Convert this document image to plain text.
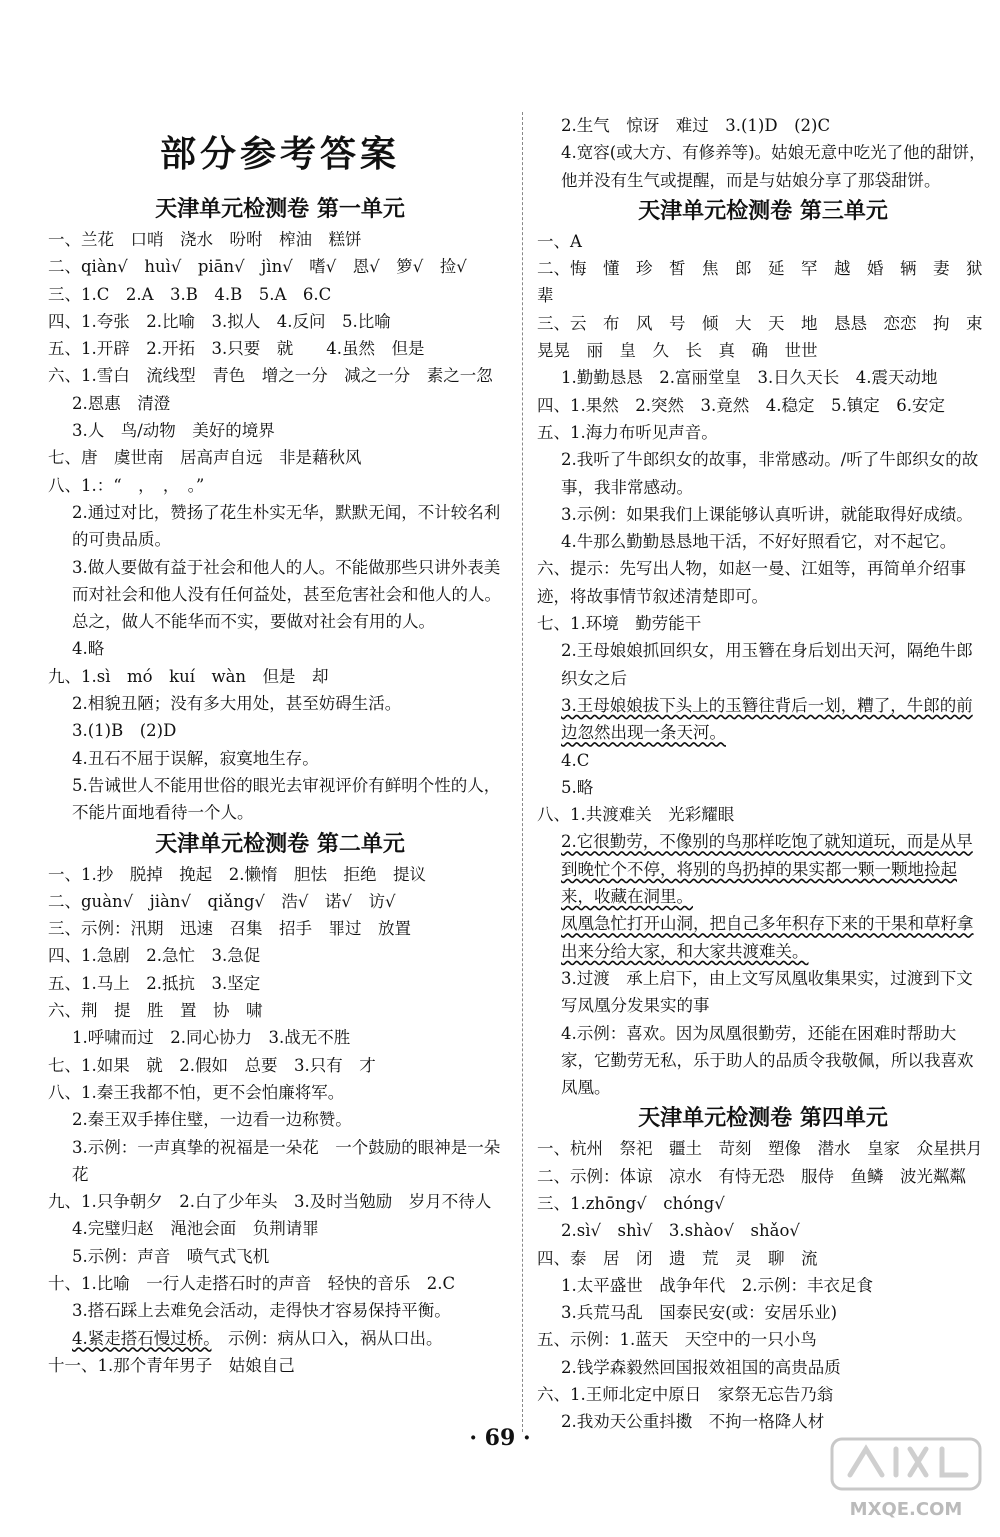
部分参考答案
天津单元检测卷 第一单元
一、兰花　口哨　浇水　吩咐　榨油　糕饼
二、qiàn√　huì√　piān√　jìn√　嗜√　恩√　箩√　捡√
三、1.C　2.A　3.B　4.B　5.A　6.C
四、1.夸张　2.比喻　3.拟人　4.反问　5.比喻
五、1.开辟　2.开拓　3.只要　就　　4.虽然　但是
六、1.雪白　流线型　青色　增之一分　减之一分　素之一忽
2.恩惠　清澄
3.人　鸟/动物　美好的境界
七、唐　虞世南　居高声自远　非是藉秋风
八、1.：“　，　，　。”
2.通过对比，赞扬了花生朴实无华，默默无闻，不计较名利的可贵品质。
3.做人要做有益于社会和他人的人。不能做那些只讲外表美而对社会和他人没有任何益处，甚至危害社会和他人的人。总之，做人不能华而不实，要做对社会有用的人。
4.略
九、1.sì　mó　kuí　wàn　但是　却
2.相貌丑陋；没有多大用处，甚至妨碍生活。
3.(1)B　(2)D
4.丑石不屈于误解，寂寞地生存。
5.告诫世人不能用世俗的眼光去审视评价有鲜明个性的人，不能片面地看待一个人。
天津单元检测卷 第二单元
一、1.抄　脱掉　挽起　2.懒惰　胆怯　拒绝　提议
二、guàn√　jiàn√　qiǎng√　浩√　诺√　访√
三、示例：汛期　迅速　召集　招手　罪过　放置
四、1.急剧　2.急忙　3.急促
五、1.马上　2.抵抗　3.坚定
六、荆　提　胜　置　协　啸
1.呼啸而过　2.同心协力　3.战无不胜
七、1.如果　就　2.假如　总要　3.只有　才
八、1.秦王我都不怕，更不会怕廉将军。
2.秦王双手捧住璧，一边看一边称赞。
3.示例：一声真挚的祝福是一朵花　一个鼓励的眼神是一朵花
九、1.只争朝夕　2.白了少年头　3.及时当勉励　岁月不待人
4.完璧归赵　渑池会面　负荆请罪
5.示例：声音　喷气式飞机
十、1.比喻　一行人走搭石时的声音　轻快的音乐　2.C
3.搭石踩上去难免会活动，走得快才容易保持平衡。
4.紧走搭石慢过桥。　示例：病从口入，祸从口出。
十一、1.那个青年男子　姑娘自己
2.生气　惊讶　难过　3.(1)D　(2)C
4.宽容(或大方、有修养等)。姑娘无意中吃光了他的甜饼，他并没有生气或提醒，而是与姑娘分享了那袋甜饼。
天津单元检测卷 第三单元
一、A
二、悔　懂　珍　皙　焦　郎　延　罕　越　婚　辆　妻　狱　辈
三、云　布　风　号　倾　大　天　地　恳恳　恋恋　拘　束　晃晃　丽　皇　久　长　真　确　世世
1.勤勤恳恳　2.富丽堂皇　3.日久天长　4.震天动地
四、1.果然　2.突然　3.竟然　4.稳定　5.镇定　6.安定
五、1.海力布听见声音。
2.我听了牛郎织女的故事，非常感动。/听了牛郎织女的故事，我非常感动。
3.示例：如果我们上课能够认真听讲，就能取得好成绩。
4.牛那么勤勤恳恳地干活，不好好照看它，对不起它。
六、提示：先写出人物，如赵一曼、江姐等，再简单介绍事迹，将故事情节叙述清楚即可。
七、1.环境　勤劳能干
2.王母娘娘抓回织女，用玉簪在身后划出天河，隔绝牛郎织女之后
3.王母娘娘拔下头上的玉簪往背后一划，糟了，牛郎的前边忽然出现一条天河。
4.C
5.略
八、1.共渡难关　光彩耀眼
2.它很勤劳，不像别的鸟那样吃饱了就知道玩，而是从早到晚忙个不停，将别的鸟扔掉的果实都一颗一颗地捡起来，收藏在洞里。
凤凰急忙打开山洞，把自己多年积存下来的干果和草籽拿出来分给大家，和大家共渡难关。
3.过渡　承上启下，由上文写凤凰收集果实，过渡到下文写凤凰分发果实的事
4.示例：喜欢。因为凤凰很勤劳，还能在困难时帮助大家，它勤劳无私，乐于助人的品质令我敬佩，所以我喜欢凤凰。
天津单元检测卷 第四单元
一、杭州　祭祀　疆土　苛刻　塑像　潜水　皇家　众星拱月
二、示例：体谅　凉水　有恃无恐　服侍　鱼鳞　波光粼粼
三、1.zhōng√　chóng√
2.sì√　shì√　3.shào√　shǎo√
四、泰　居　闭　遗　荒　灵　聊　流
1.太平盛世　战争年代　2.示例：丰衣足食
3.兵荒马乱　国泰民安(或：安居乐业)
五、示例：1.蓝天　天空中的一只小鸟
2.钱学森毅然回国报效祖国的高贵品质
六、1.王师北定中原日　家祭无忘告乃翁
2.我劝天公重抖擞　不拘一格降人材
· 69 ·
MXQE.COM
